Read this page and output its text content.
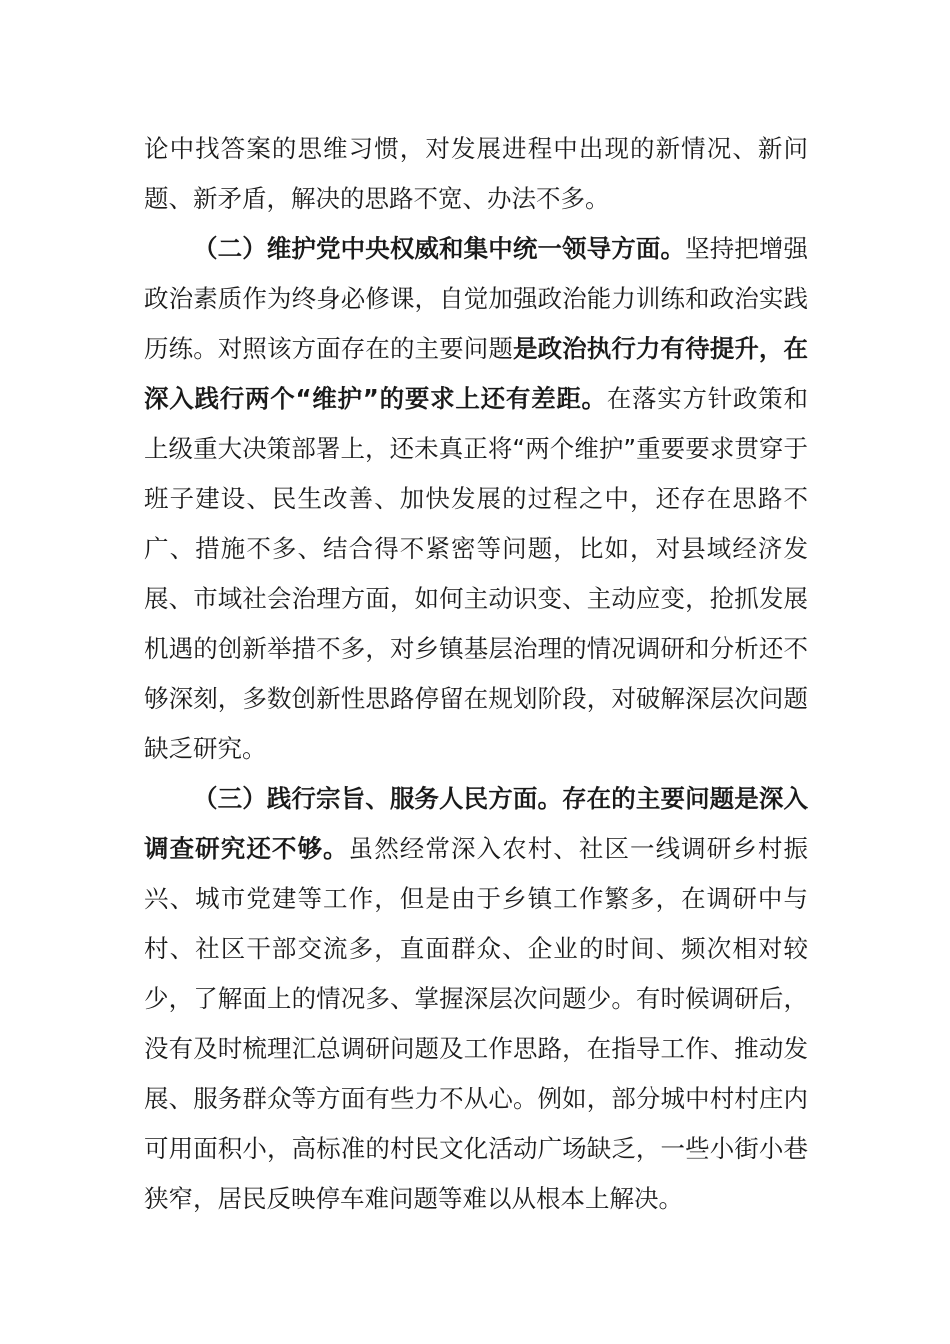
论中找答案的思维习惯，对发展进程中出现的新情况、新问题、新矛盾，解决的思路不宽、办法不多。

（二）维护党中央权威和集中统一领导方面。坚持把增强政治素质作为终身必修课，自觉加强政治能力训练和政治实践历练。对照该方面存在的主要问题是政治执行力有待提升，在深入践行两个“维护”的要求上还有差距。在落实方针政策和上级重大决策部署上，还未真正将“两个维护”重要要求贯穿于班子建设、民生改善、加快发展的过程之中，还存在思路不广、措施不多、结合得不紧密等问题，比如，对县域经济发展、市域社会治理方面，如何主动识变、主动应变，抢抓发展机遇的创新举措不多，对乡镇基层治理的情况调研和分析还不够深刻，多数创新性思路停留在规划阶段，对破解深层次问题缺乏研究。

（三）践行宗旨、服务人民方面。存在的主要问题是深入调查研究还不够。虽然经常深入农村、社区一线调研乡村振兴、城市党建等工作，但是由于乡镇工作繁多，在调研中与村、社区干部交流多，直面群众、企业的时间、频次相对较少，了解面上的情况多、掌握深层次问题少。有时候调研后，没有及时梳理汇总调研问题及工作思路，在指导工作、推动发展、服务群众等方面有些力不从心。例如，部分城中村村庄内可用面积小，高标准的村民文化活动广场缺乏，一些小街小巷狭窄，居民反映停车难问题等难以从根本上解决。
